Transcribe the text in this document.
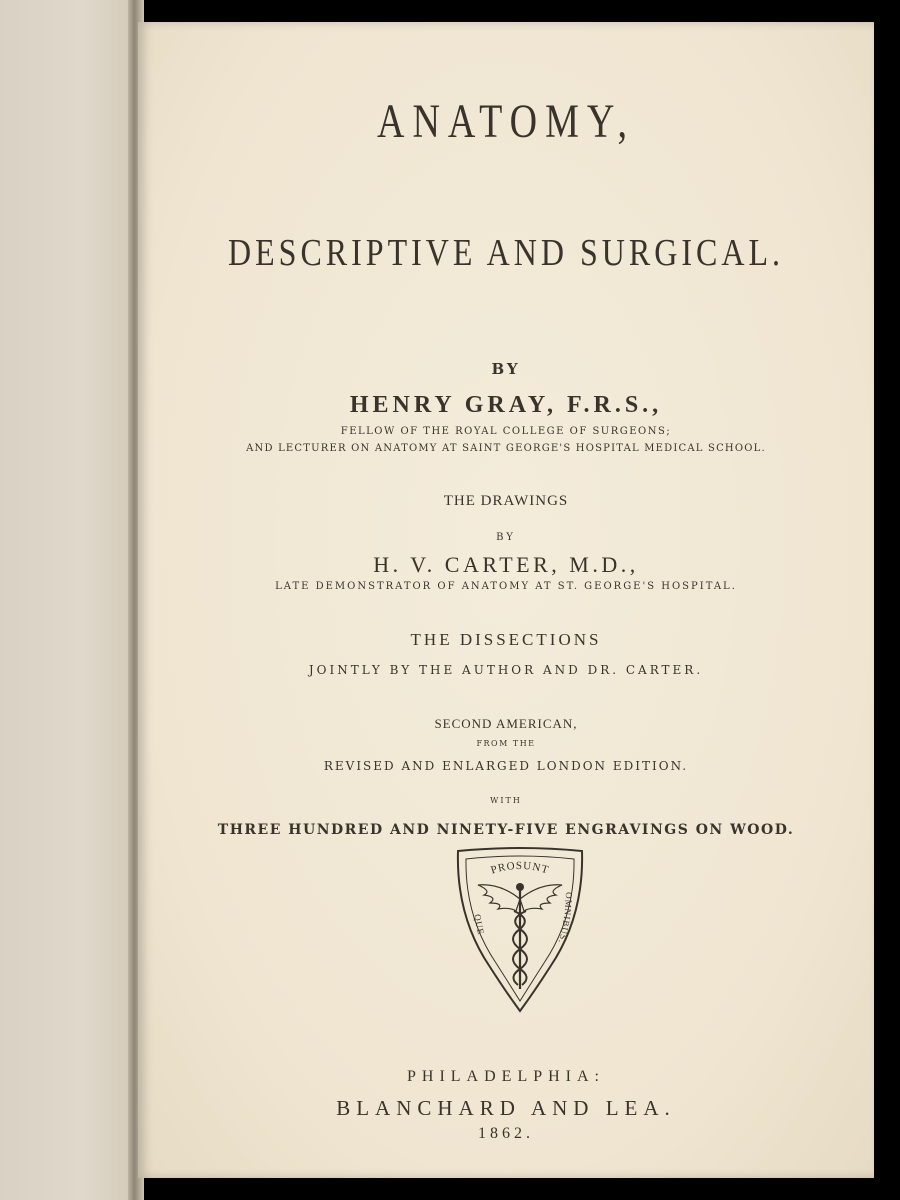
ANATOMY,

DESCRIPTIVE AND SURGICAL.

BY

HENRY GRAY, F.R.S.,

FELLOW OF THE ROYAL COLLEGE OF SURGEONS;

AND LECTURER ON ANATOMY AT SAINT GEORGE'S HOSPITAL MEDICAL SCHOOL.

THE DRAWINGS

BY

H. V. CARTER, M.D.,

LATE DEMONSTRATOR OF ANATOMY AT ST. GEORGE'S HOSPITAL.

THE DISSECTIONS

JOINTLY BY THE AUTHOR AND DR. CARTER.

SECOND AMERICAN,

FROM THE

REVISED AND ENLARGED LONDON EDITION.

WITH

THREE HUNDRED AND NINETY-FIVE ENGRAVINGS ON WOOD.

PROSUNT
QUE
OMNIBUS.

PHILADELPHIA:

BLANCHARD AND LEA.

1862.
